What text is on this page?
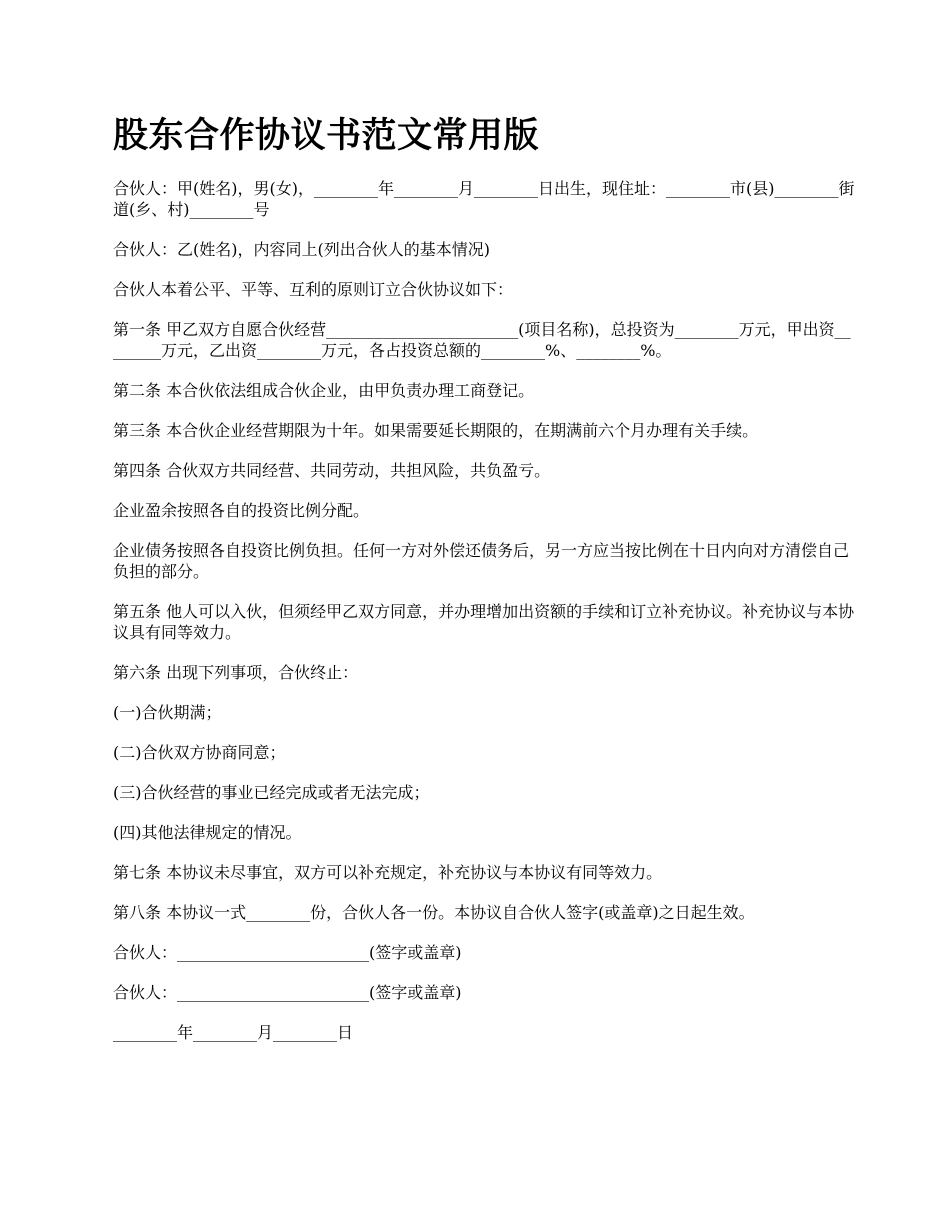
股东合作协议书范文常用版

合伙人：甲(姓名)，男(女)，________年________月________日出生，现住址：________市(县)________街道(乡、村)________号

合伙人：乙(姓名)，内容同上(列出合伙人的基本情况)

合伙人本着公平、平等、互利的原则订立合伙协议如下：

第一条 甲乙双方自愿合伙经营________________________(项目名称)，总投资为________万元，甲出资________万元，乙出资________万元，各占投资总额的________%、________%。

第二条 本合伙依法组成合伙企业，由甲负责办理工商登记。

第三条 本合伙企业经营期限为十年。如果需要延长期限的，在期满前六个月办理有关手续。

第四条 合伙双方共同经营、共同劳动，共担风险，共负盈亏。

企业盈余按照各自的投资比例分配。

企业债务按照各自投资比例负担。任何一方对外偿还债务后，另一方应当按比例在十日内向对方清偿自己负担的部分。

第五条 他人可以入伙，但须经甲乙双方同意，并办理增加出资额的手续和订立补充协议。补充协议与本协议具有同等效力。

第六条 出现下列事项，合伙终止：

(一)合伙期满；

(二)合伙双方协商同意；

(三)合伙经营的事业已经完成或者无法完成；

(四)其他法律规定的情况。

第七条 本协议未尽事宜，双方可以补充规定，补充协议与本协议有同等效力。

第八条 本协议一式________份，合伙人各一份。本协议自合伙人签字(或盖章)之日起生效。

合伙人：________________________(签字或盖章)

合伙人：________________________(签字或盖章)

________年________月________日
